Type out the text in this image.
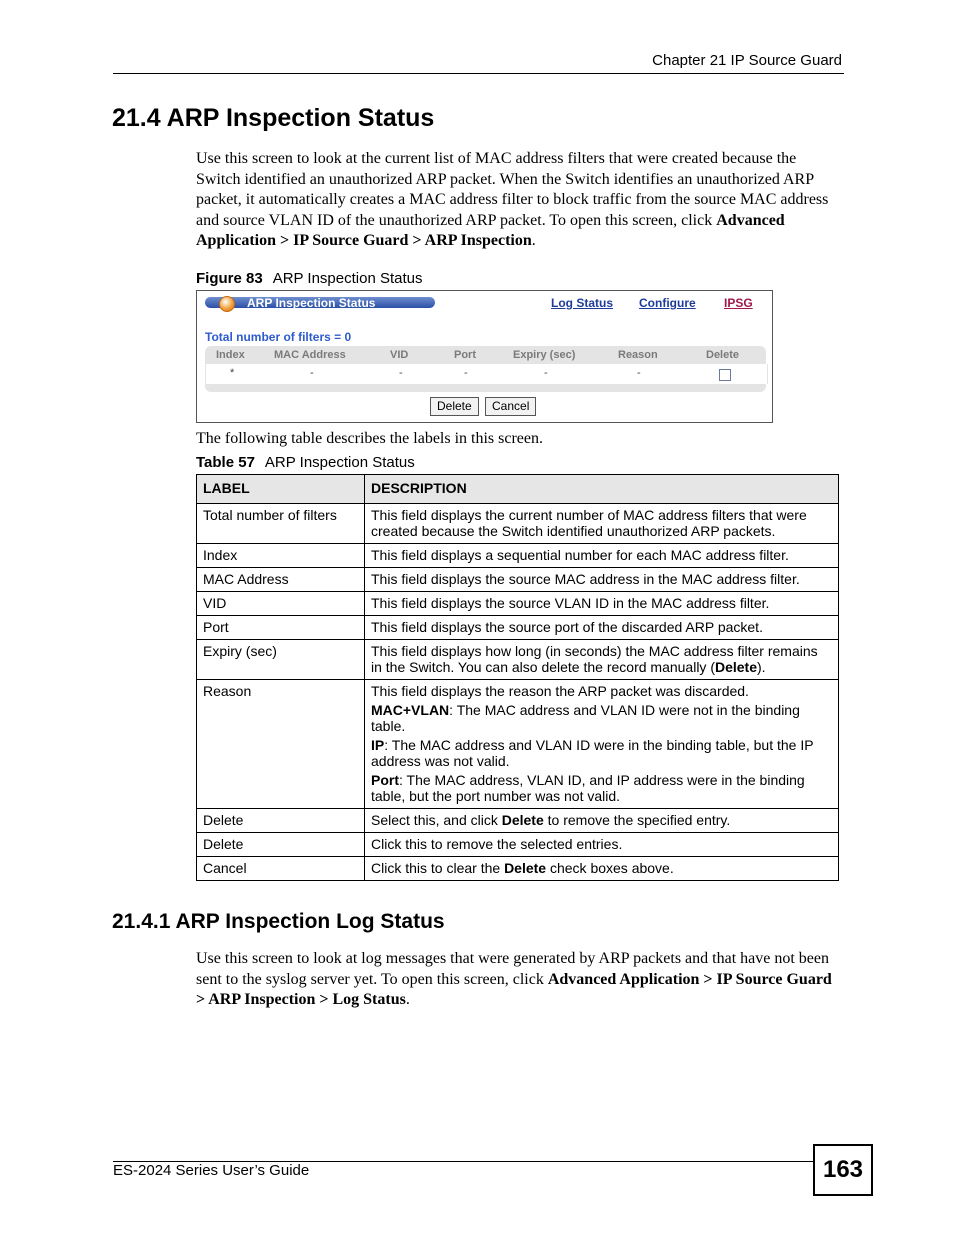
Chapter 21 IP Source Guard
21.4 ARP Inspection Status

Use this screen to look at the current list of MAC address filters that were created because the Switch identified an unauthorized ARP packet. When the Switch identifies an unauthorized ARP packet, it automatically creates a MAC address filter to block traffic from the source MAC address and source VLAN ID of the unauthorized ARP packet. To open this screen, click Advanced Application > IP Source Guard > ARP Inspection.

Figure 83 ARP Inspection Status
ARP Inspection Status	Log Status Configure IPSG
Total number of filters = 0
Index	MAC Address	VID	Port	Expiry (sec)	Reason	Delete
*	-	-	-	-	-
Delete	Cancel

The following table describes the labels in this screen.

Table 57 ARP Inspection Status
LABEL	DESCRIPTION
Total number of filters	This field displays the current number of MAC address filters that were created because the Switch identified unauthorized ARP packets.
Index	This field displays a sequential number for each MAC address filter.
MAC Address	This field displays the source MAC address in the MAC address filter.
VID	This field displays the source VLAN ID in the MAC address filter.
Port	This field displays the source port of the discarded ARP packet.
Expiry (sec)	This field displays how long (in seconds) the MAC address filter remains in the Switch. You can also delete the record manually (Delete).
Reason	This field displays the reason the ARP packet was discarded.

MAC+VLAN: The MAC address and VLAN ID were not in the binding table.

IP: The MAC address and VLAN ID were in the binding table, but the IP address was not valid.

Port: The MAC address, VLAN ID, and IP address were in the binding table, but the port number was not valid.

Delete	Select this, and click Delete to remove the specified entry.
Delete	Click this to remove the selected entries.
Cancel	Click this to clear the Delete check boxes above.
21.4.1 ARP Inspection Log Status

Use this screen to look at log messages that were generated by ARP packets and that have not been sent to the syslog server yet. To open this screen, click Advanced Application > IP Source Guard > ARP Inspection > Log Status.

ES-2024 Series User’s Guide	163
